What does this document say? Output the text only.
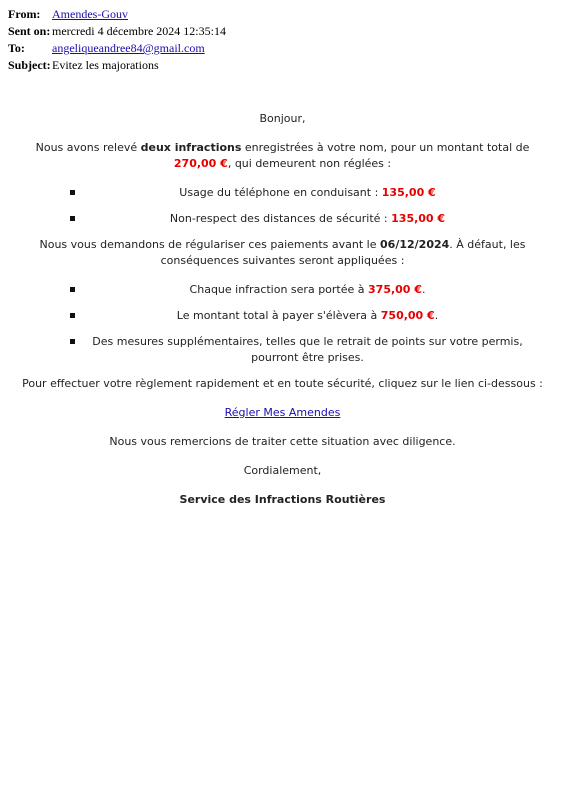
From: Amendes-Gouv
Sent on: mercredi 4 décembre 2024 12:35:14
To:	angeliqueandree84@gmail.com
Subject: Evitez les majorations
Bonjour,
Nous avons relevé deux infractions enregistrées à votre nom, pour un montant total de 270,00 €, qui demeurent non réglées :
Usage du téléphone en conduisant : 135,00 €
Non-respect des distances de sécurité : 135,00 €
Nous vous demandons de régulariser ces paiements avant le 06/12/2024. À défaut, les conséquences suivantes seront appliquées :
Chaque infraction sera portée à 375,00 €.
Le montant total à payer s'élèvera à 750,00 €.
Des mesures supplémentaires, telles que le retrait de points sur votre permis, pourront être prises.
Pour effectuer votre règlement rapidement et en toute sécurité, cliquez sur le lien ci-dessous :
Régler Mes Amendes
Nous vous remercions de traiter cette situation avec diligence.
Cordialement,
Service des Infractions Routières
